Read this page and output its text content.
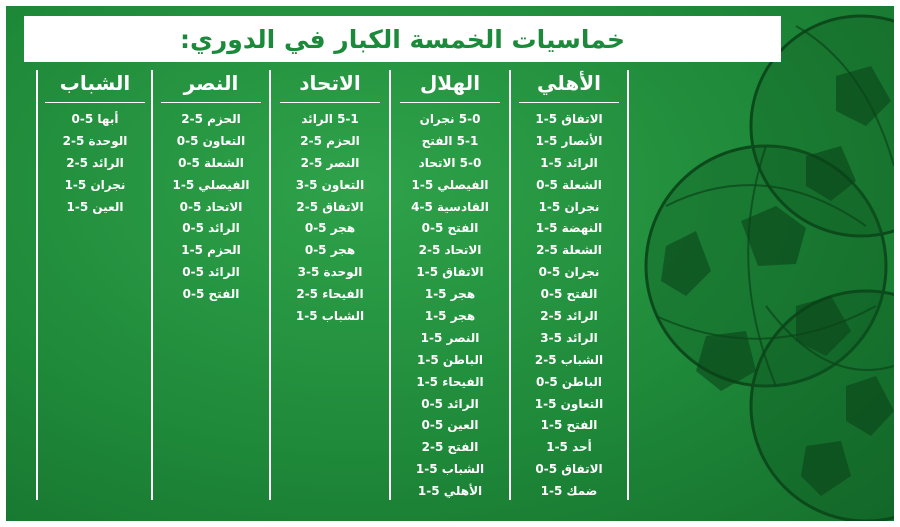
خماسيات الخمسة الكبار في الدوري:
الأهلي
الاتفاق 5-1
الأنصار 5-1
الرائد 5-1
الشعلة 5-0
نجران 5-1
النهضة 5-1
الشعلة 5-2
نجران 5-0
الفتح 5-0
الرائد 5-2
الرائد 5-3
الشباب 5-2
الباطن 5-0
التعاون 5-1
الفتح 5-1
أحد 5-1
الاتفاق 5-0
ضمك 5-1
الهلال
5-0 نجران
5-1 الفتح
5-0 الاتحاد
الفيصلي 5-1
القادسية 5-4
الفتح 5-0
الاتحاد 5-2
الاتفاق 5-1
هجر 5-1
هجر 5-1
النصر 5-1
الباطن 5-1
الفيحاء 5-1
الرائد 5-0
العين 5-0
الفتح 5-2
الشباب 5-1
الأهلي 5-1
الاتحاد
5-1 الرائد
الحزم 5-2
النصر 5-2
التعاون 5-3
الاتفاق 5-2
هجر 5-0
هجر 5-0
الوحدة 5-3
الفيحاء 5-2
الشباب 5-1
النصر
الحزم 5-2
التعاون 5-0
الشعلة 5-0
الفيصلي 5-1
الاتحاد 5-0
الرائد 5-0
الحزم 5-1
الرائد 5-0
الفتح 5-0
الشباب
أبها 5-0
الوحدة 5-2
الرائد 5-2
نجران 5-1
العين 5-1
